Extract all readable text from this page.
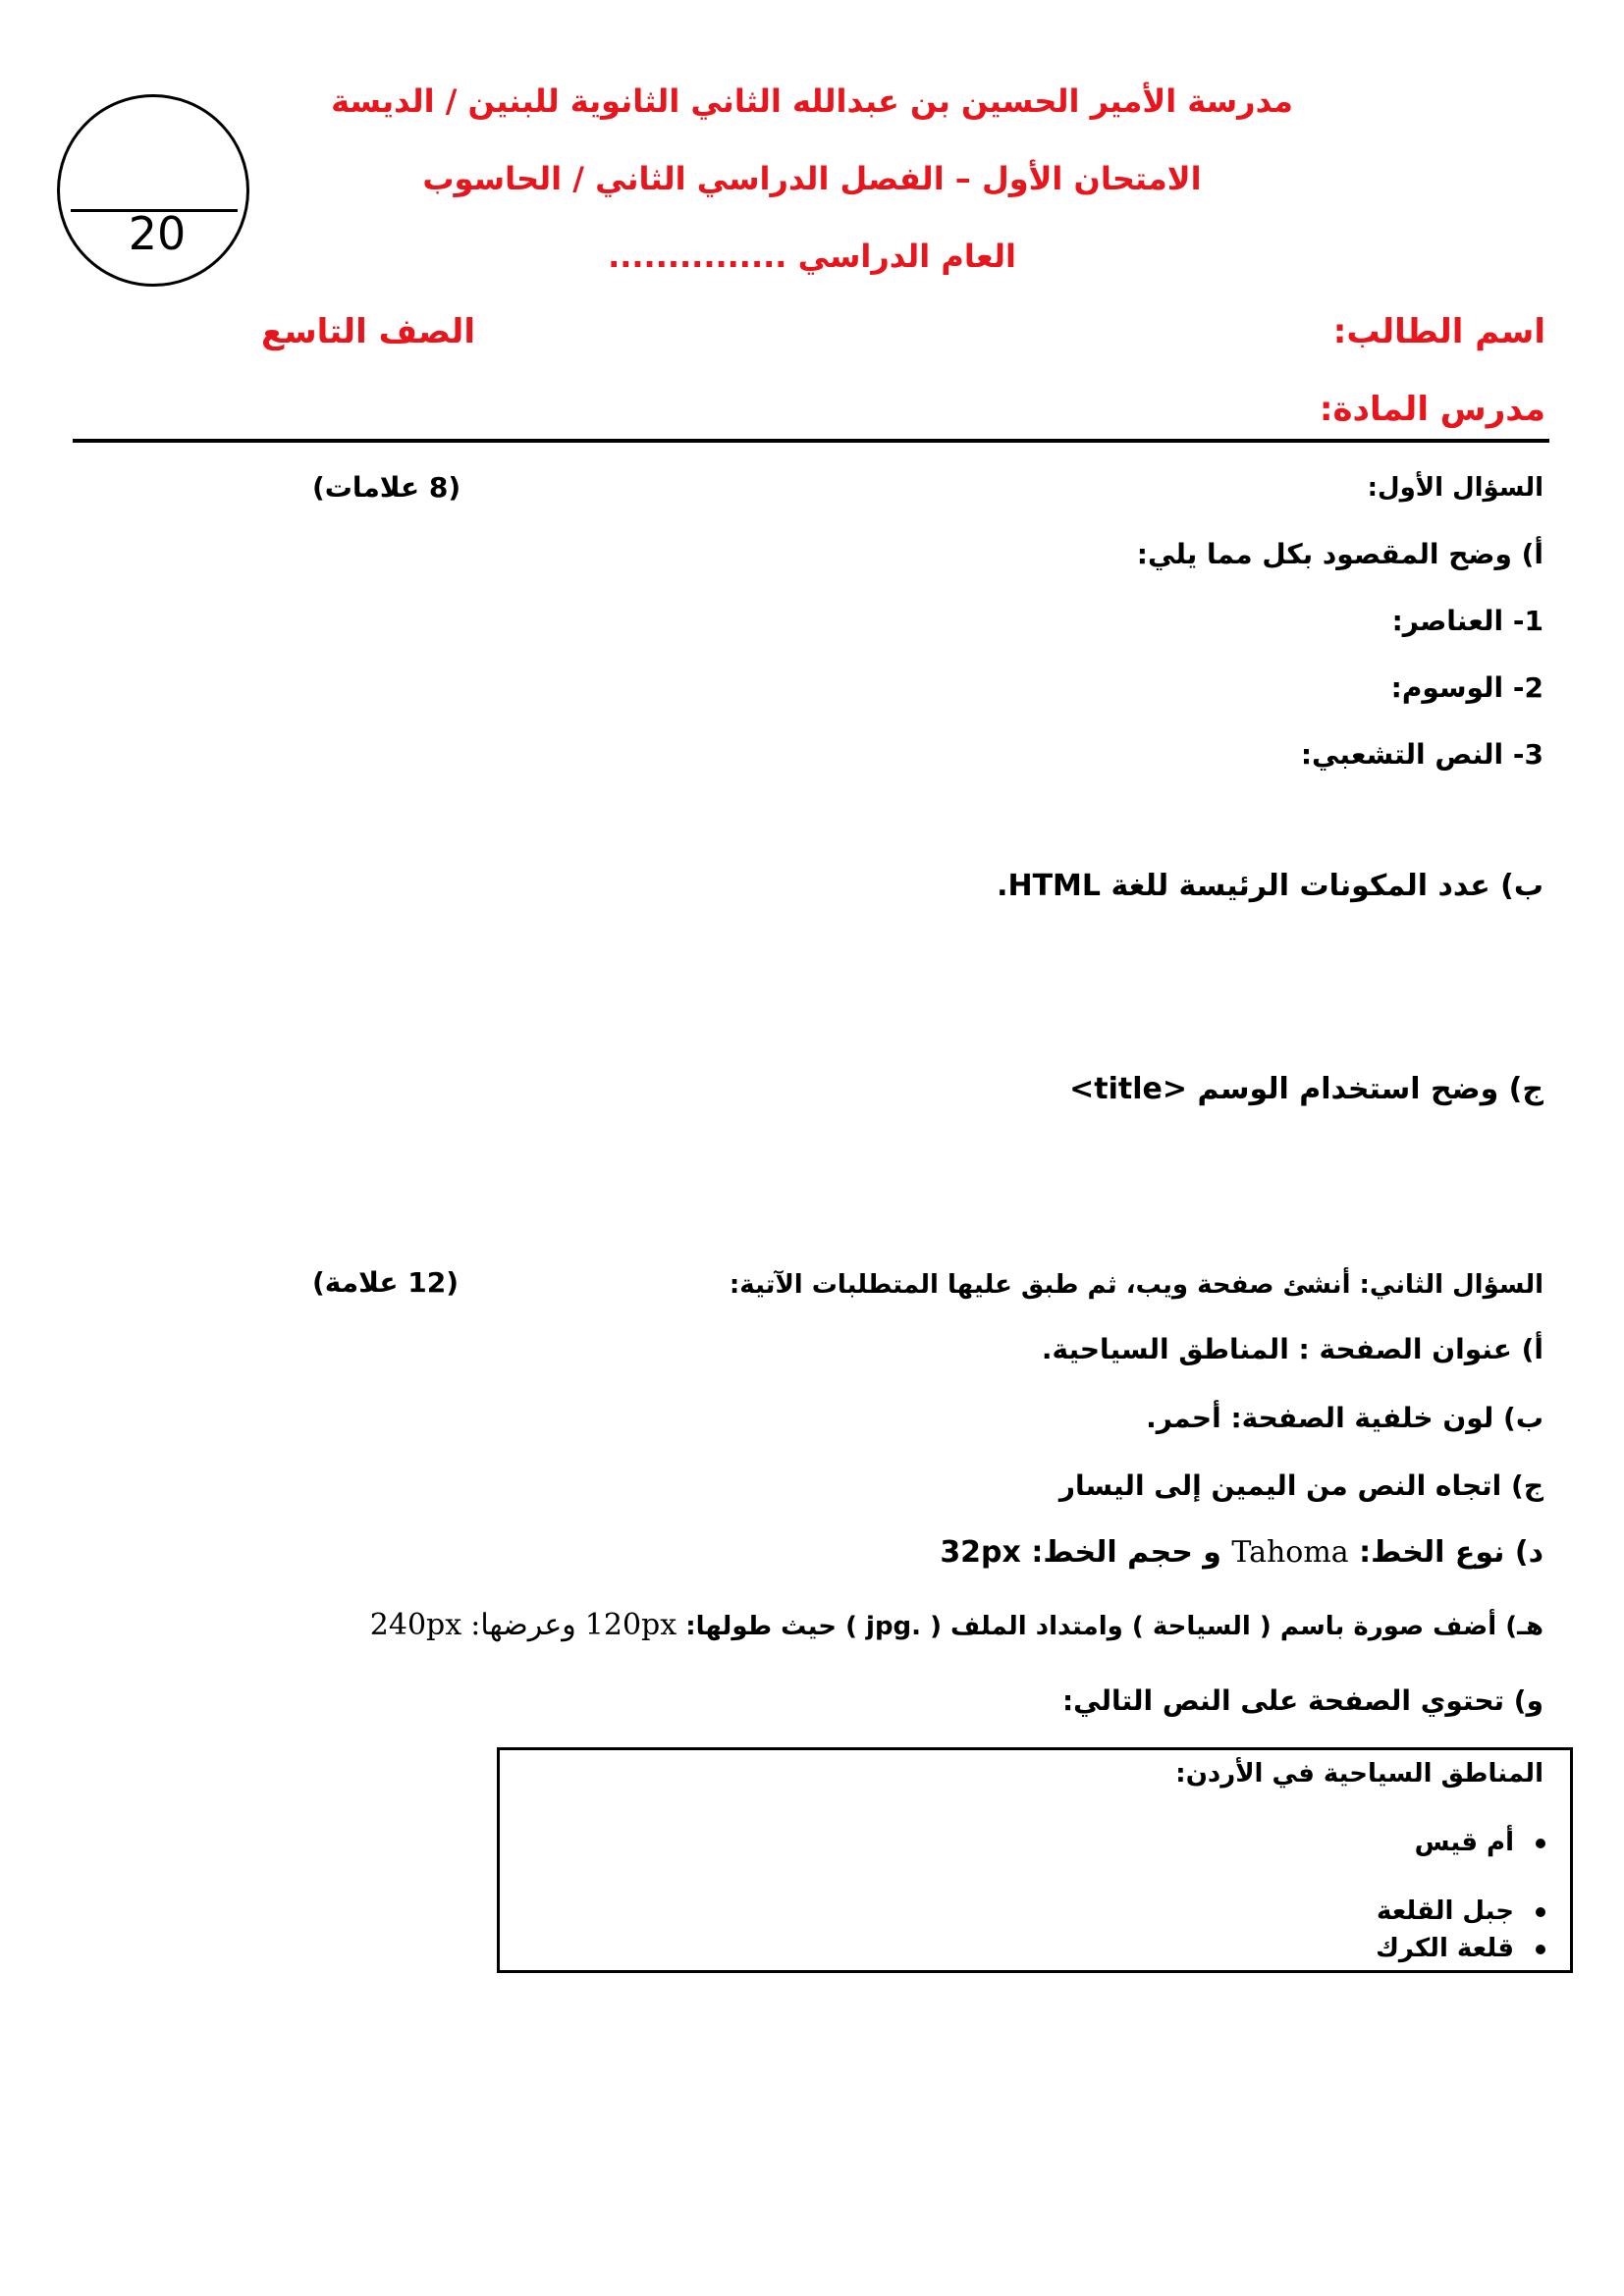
20
مدرسة الأمير الحسين بن عبدالله الثاني الثانوية للبنين / الديسة
الامتحان الأول – الفصل الدراسي الثاني / الحاسوب
العام الدراسي ...............
اسم الطالب:
الصف التاسع
مدرس المادة:
السؤال الأول:
(8 علامات)
أ) وضح المقصود بكل مما يلي:
1- العناصر:
2- الوسوم:
3- النص التشعبي:
ب) عدد المكونات الرئيسة للغة HTML.
ج) وضح استخدام الوسم <title>
السؤال الثاني: أنشئ صفحة ويب، ثم طبق عليها المتطلبات الآتية:
(12 علامة)
أ) عنوان الصفحة : المناطق السياحية.
ب) لون خلفية الصفحة: أحمر.
ج) اتجاه النص من اليمين إلى اليسار
د) نوع الخط: Tahoma و حجم الخط: 32px
هـ) أضف صورة باسم ( السياحة ) وامتداد الملف ( .jpg ) حيث طولها: 120px وعرضها: 240px
و) تحتوي الصفحة على النص التالي:
المناطق السياحية في الأردن:
أم قيس
جبل القلعة
قلعة الكرك
